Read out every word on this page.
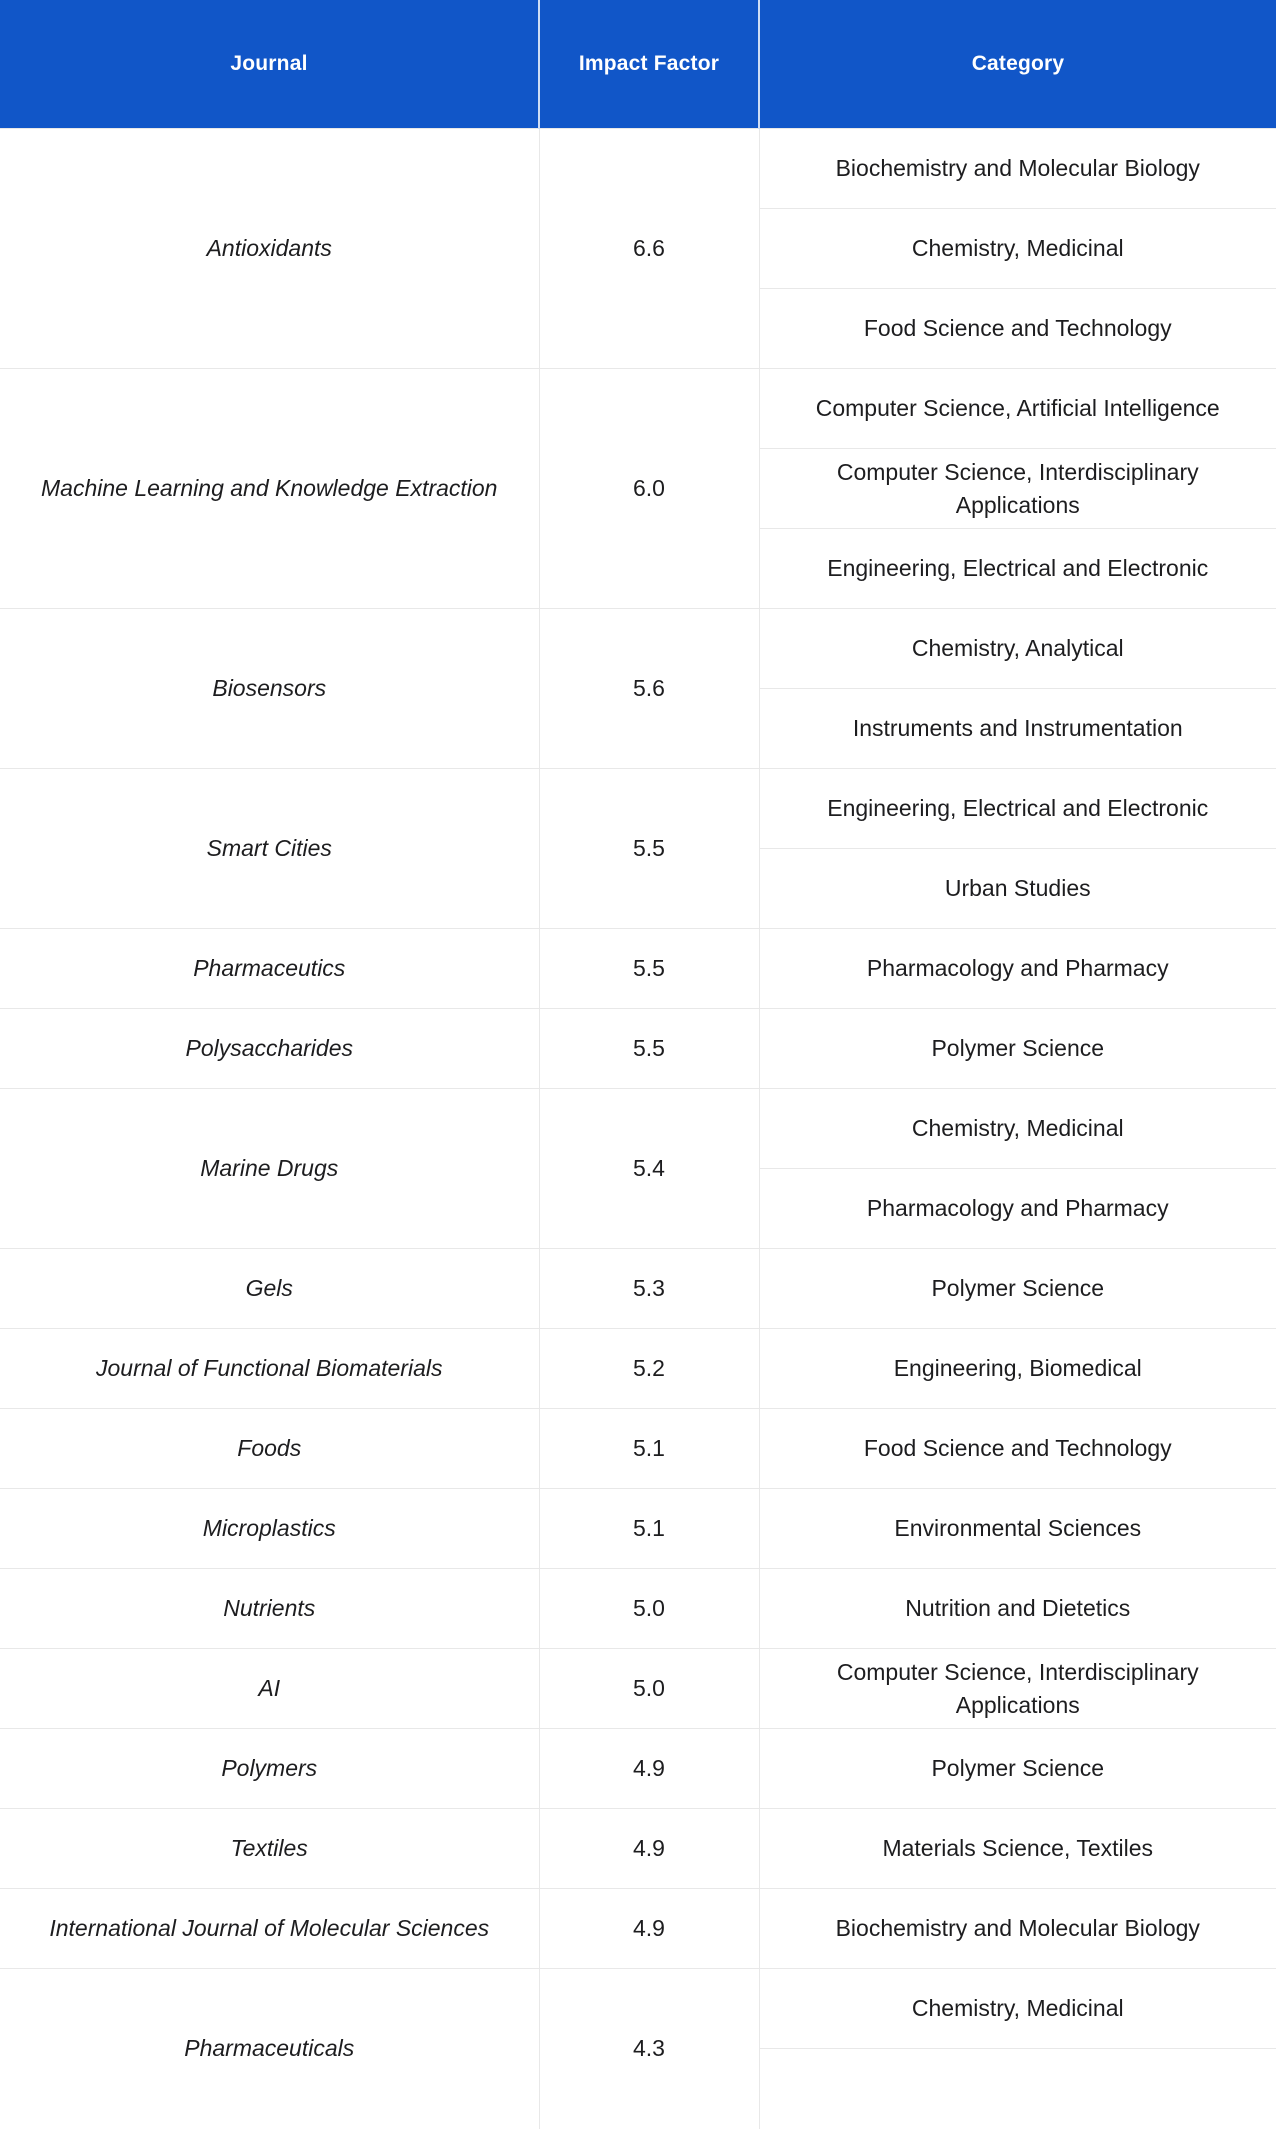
Journal	Impact Factor	Category
Antioxidants	6.6	Biochemistry and Molecular Biology
		Chemistry, Medicinal
		Food Science and Technology
Machine Learning and Knowledge Extraction	6.0	Computer Science, Artificial Intelligence
		Computer Science, Interdisciplinary Applications
		Engineering, Electrical and Electronic
Biosensors	5.6	Chemistry, Analytical
		Instruments and Instrumentation
Smart Cities	5.5	Engineering, Electrical and Electronic
		Urban Studies
Pharmaceutics	5.5	Pharmacology and Pharmacy
Polysaccharides	5.5	Polymer Science
Marine Drugs	5.4	Chemistry, Medicinal
		Pharmacology and Pharmacy
Gels	5.3	Polymer Science
Journal of Functional Biomaterials	5.2	Engineering, Biomedical
Foods	5.1	Food Science and Technology
Microplastics	5.1	Environmental Sciences
Nutrients	5.0	Nutrition and Dietetics
AI	5.0	Computer Science, Interdisciplinary Applications
Polymers	4.9	Polymer Science
Textiles	4.9	Materials Science, Textiles
International Journal of Molecular Sciences	4.9	Biochemistry and Molecular Biology
Pharmaceuticals	4.3	Chemistry, Medicinal
